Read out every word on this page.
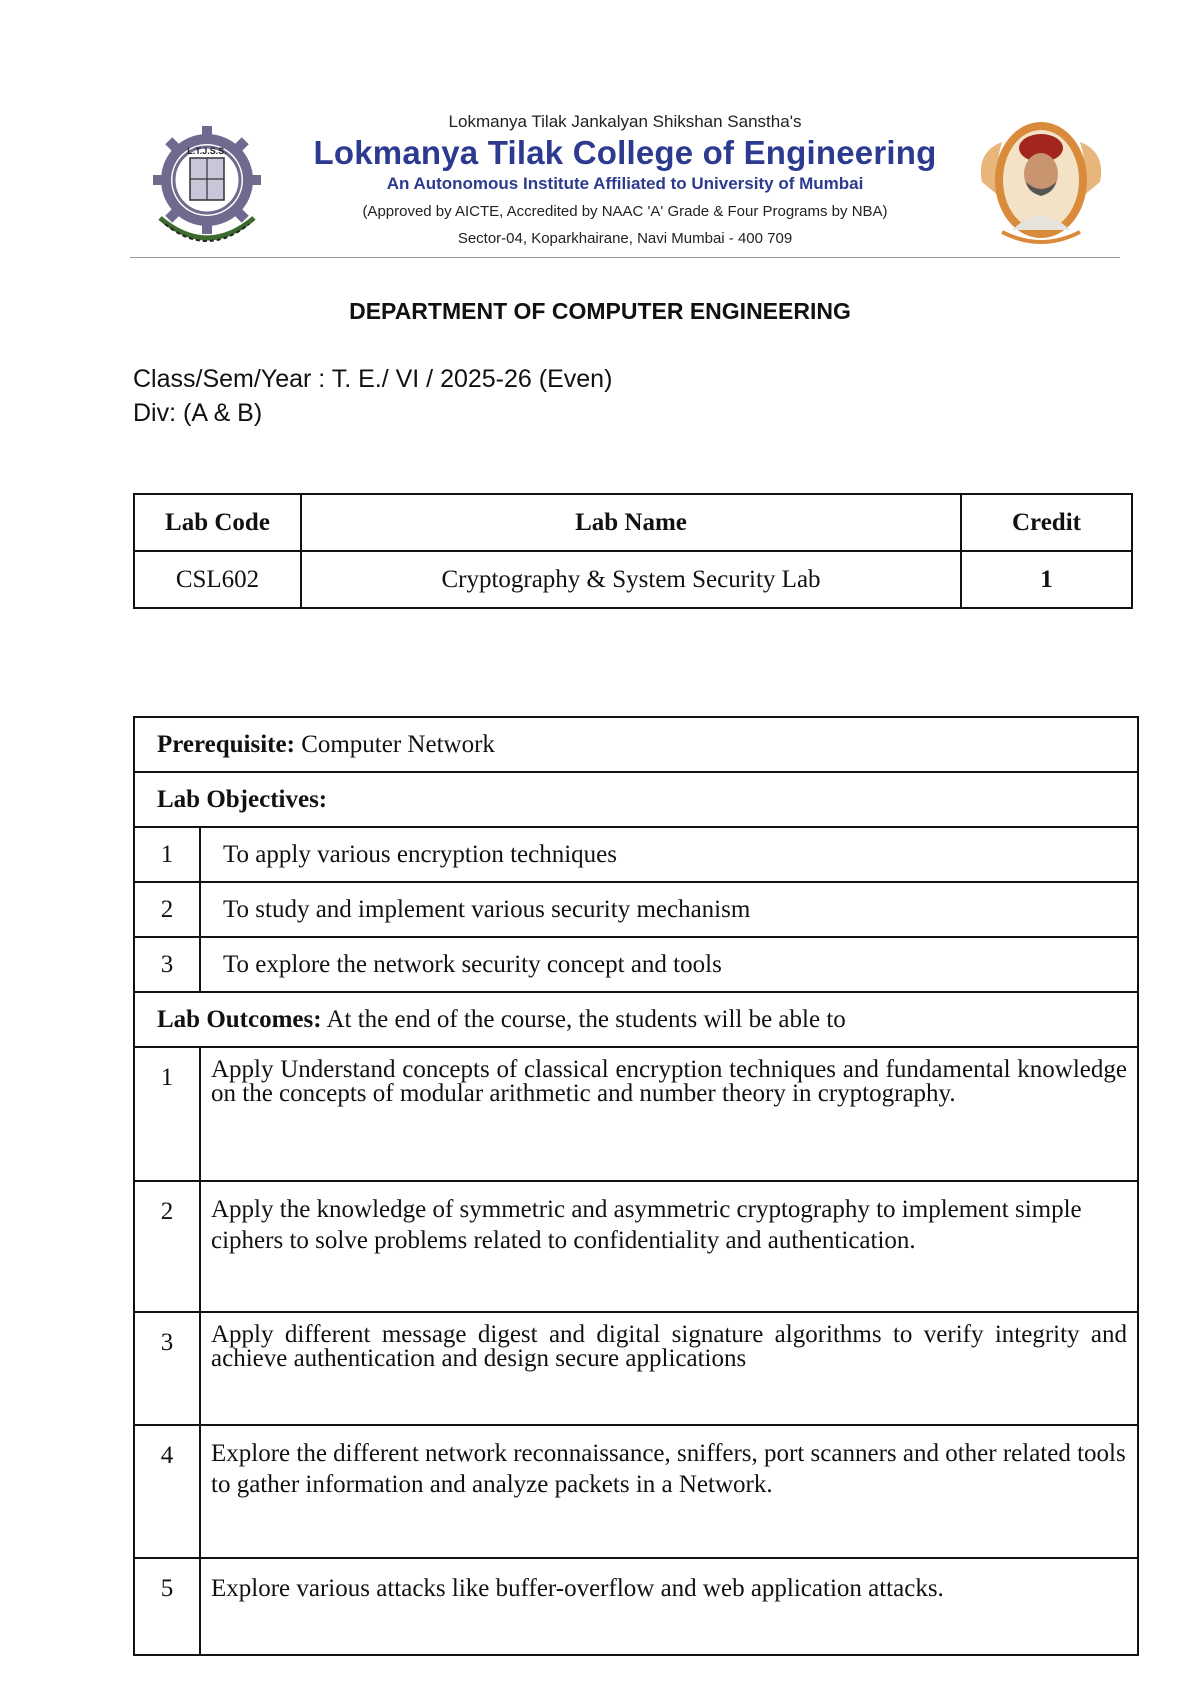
L.T.J.S.S.
Lokmanya Tilak Jankalyan Shikshan Sanstha's
Lokmanya Tilak College of Engineering
An Autonomous Institute Affiliated to University of Mumbai
(Approved by AICTE, Accredited by NAAC 'A' Grade & Four Programs by NBA)
Sector-04, Koparkhairane, Navi Mumbai - 400 709
DEPARTMENT OF COMPUTER ENGINEERING
Class/Sem/Year : T. E./ VI / 2025-26 (Even)
Div: (A & B)
Lab Code	Lab Name	Credit
CSL602	Cryptography & System Security Lab	1
Prerequisite: Computer Network	
Lab Objectives:	
1	To apply various encryption techniques
2	To study and implement various security mechanism
3	To explore the network security concept and tools
Lab Outcomes: At the end of the course, the students will be able to	
1	Apply Understand concepts of classical encryption techniques and fundamental knowledge on the concepts of modular arithmetic and number theory in cryptography.
2	Apply the knowledge of symmetric and asymmetric cryptography to implement simple ciphers to solve problems related to confidentiality and authentication.
3	Apply different message digest and digital signature algorithms to verify integrity and achieve authentication and design secure applications
4	Explore the different network reconnaissance, sniffers, port scanners and other related tools to gather information and analyze packets in a Network.
5	Explore various attacks like buffer-overflow and web application attacks.
